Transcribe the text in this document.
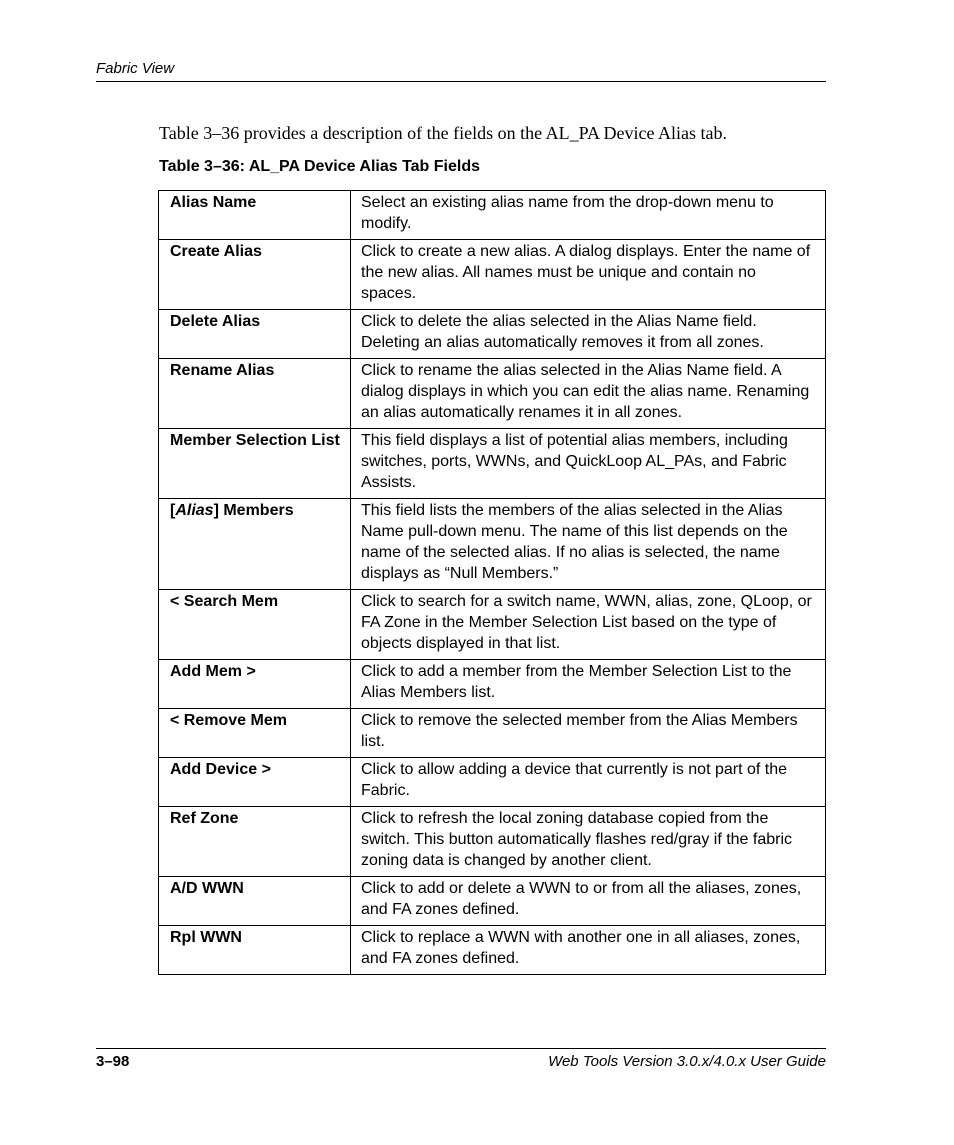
Fabric View
Table 3–36 provides a description of the fields on the AL_PA Device Alias tab.
Table 3–36: AL_PA Device Alias Tab Fields
Alias Name	Select an existing alias name from the drop-down menu to modify.
Create Alias	Click to create a new alias. A dialog displays. Enter the name of the new alias. All names must be unique and contain no spaces.
Delete Alias	Click to delete the alias selected in the Alias Name field. Deleting an alias automatically removes it from all zones.
Rename Alias	Click to rename the alias selected in the Alias Name field. A dialog displays in which you can edit the alias name. Renaming an alias automatically renames it in all zones.
Member Selection List	This field displays a list of potential alias members, including switches, ports, WWNs, and QuickLoop AL_PAs, and Fabric Assists.
[Alias] Members	This field lists the members of the alias selected in the Alias Name pull-down menu. The name of this list depends on the name of the selected alias. If no alias is selected, the name displays as “Null Members.”
< Search Mem	Click to search for a switch name, WWN, alias, zone, QLoop, or FA Zone in the Member Selection List based on the type of objects displayed in that list.
Add Mem >	Click to add a member from the Member Selection List to the Alias Members list.
< Remove Mem	Click to remove the selected member from the Alias Members list.
Add Device >	Click to allow adding a device that currently is not part of the Fabric.
Ref Zone	Click to refresh the local zoning database copied from the switch. This button automatically flashes red/gray if the fabric zoning data is changed by another client.
A/D WWN	Click to add or delete a WWN to or from all the aliases, zones, and FA zones defined.
Rpl WWN	Click to replace a WWN with another one in all aliases, zones, and FA zones defined.
3–98	Web Tools Version 3.0.x/4.0.x User Guide
